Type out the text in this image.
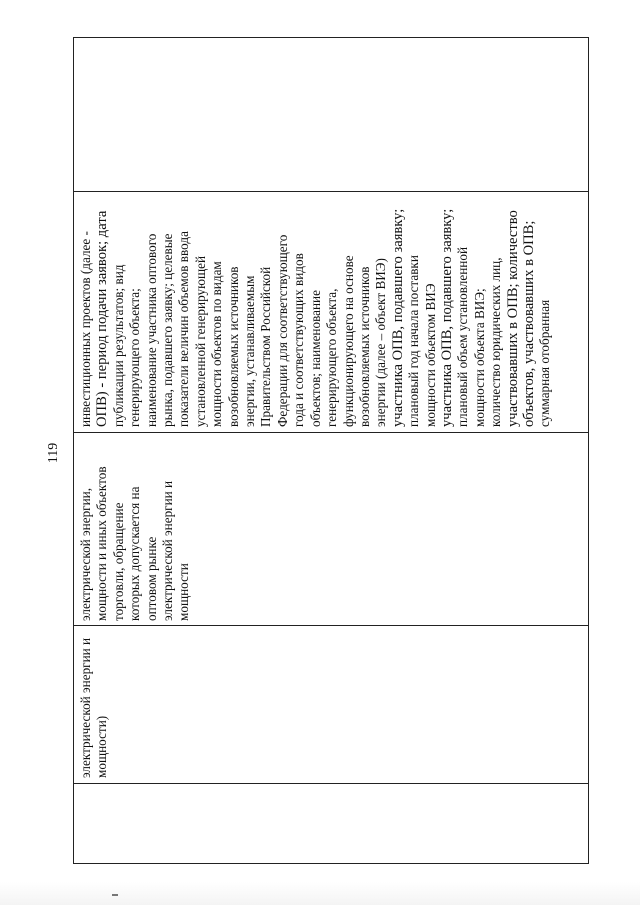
119
электрической энергии и мощности)
электрической энергии, мощности и иных объектов торговли, обращение которых допускается на оптовом рынке электрической энергии и мощности
инвестиционных проектов (далее - ОПВ) - период подачи заявок; дата публикации результатов; вид генерирующего объекта; наименование участника оптового рынка, подавшего заявку; целевые показатели величин объемов ввода установленной генерирующей мощности объектов по видам возобновляемых источников энергии, устанавливаемым Правительством Российской Федерации для соответствующего года и соответствующих видов объектов; наименование генерирующего объекта, функционирующего на основе возобновляемых источников энергии (далее – объект ВИЭ) участника ОПВ, подавшего заявку; плановый год начала поставки мощности объектом ВИЭ участника ОПВ, подавшего заявку; плановый объем установленной мощности объекта ВИЭ; количество юридических лиц, участвовавших в ОПВ; количество объектов, участвовавших в ОПВ; суммарная отобранная
